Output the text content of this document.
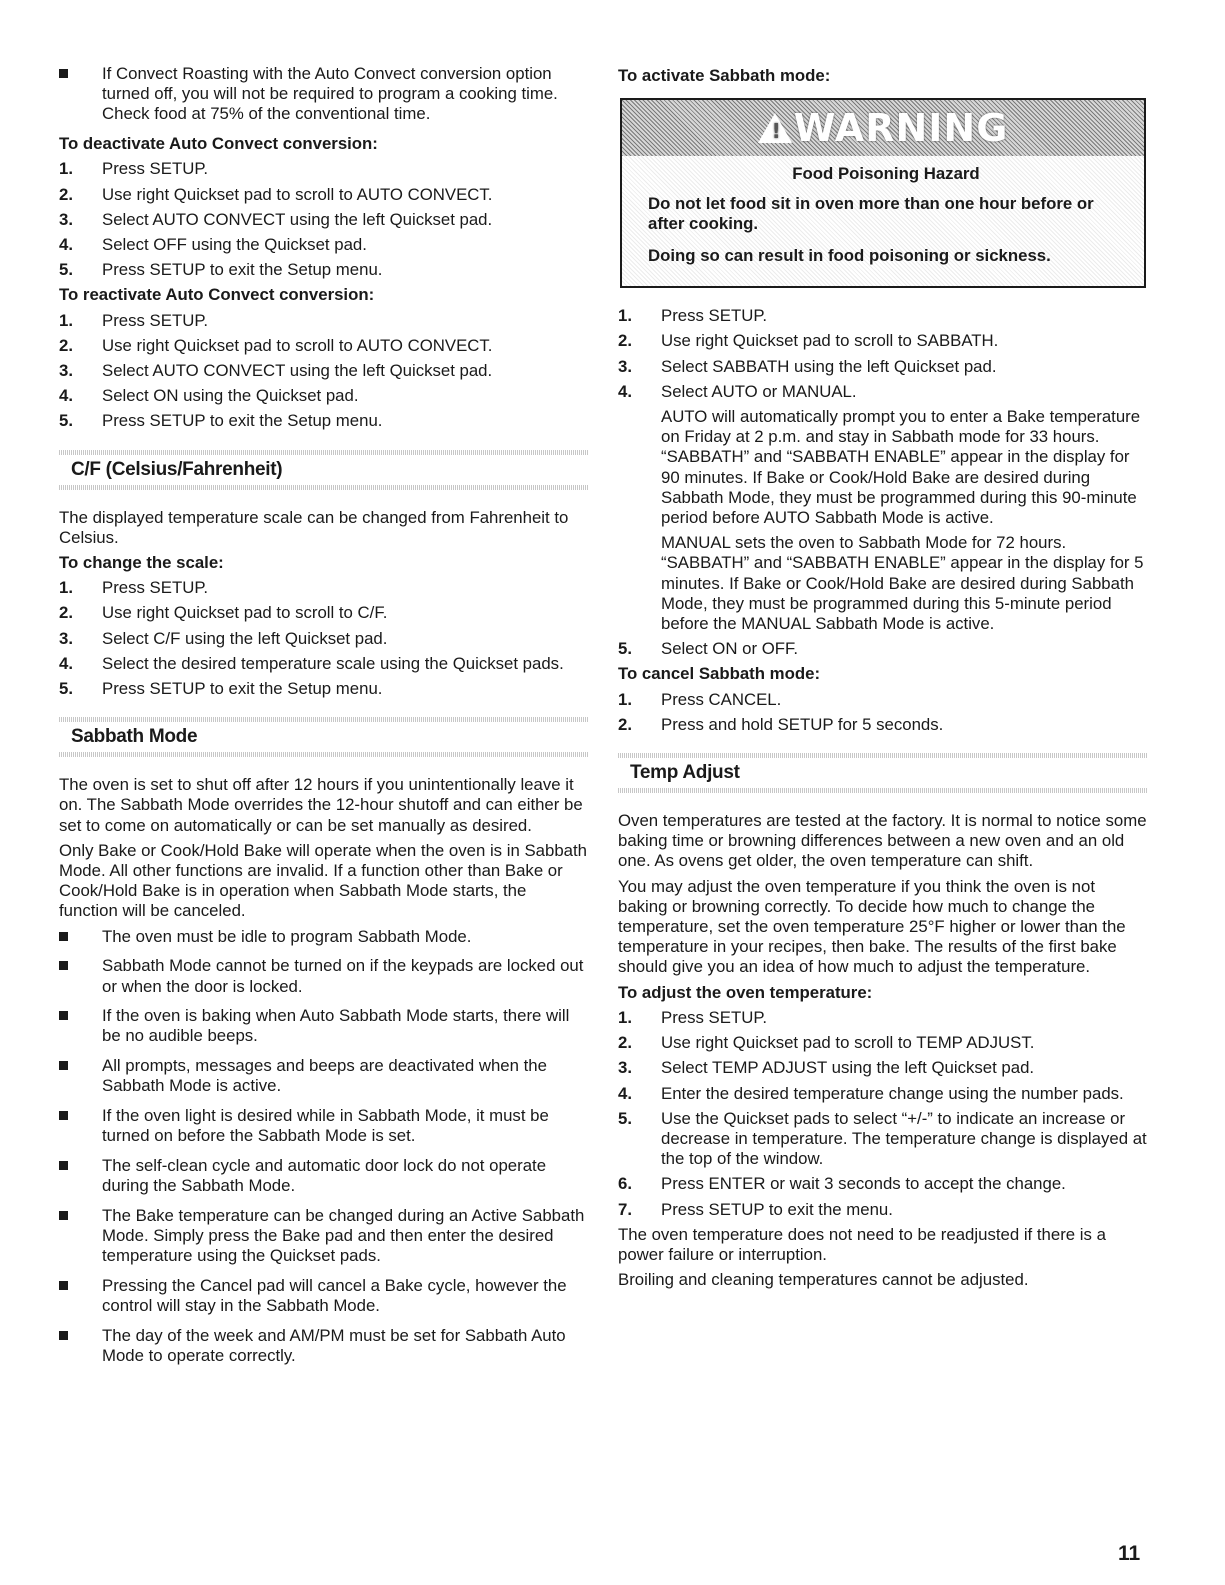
If Convect Roasting with the Auto Convect conversion option turned off, you will not be required to program a cooking time. Check food at 75% of the conventional time.
To deactivate Auto Convect conversion:
1. Press SETUP.
2. Use right Quickset pad to scroll to AUTO CONVECT.
3. Select AUTO CONVECT using the left Quickset pad.
4. Select OFF using the Quickset pad.
5. Press SETUP to exit the Setup menu.
To reactivate Auto Convect conversion:
1. Press SETUP.
2. Use right Quickset pad to scroll to AUTO CONVECT.
3. Select AUTO CONVECT using the left Quickset pad.
4. Select ON using the Quickset pad.
5. Press SETUP to exit the Setup menu.
C/F (Celsius/Fahrenheit)

The displayed temperature scale can be changed from Fahrenheit to Celsius.

To change the scale:
1. Press SETUP.
2. Use right Quickset pad to scroll to C/F.
3. Select C/F using the left Quickset pad.
4. Select the desired temperature scale using the Quickset pads.
5. Press SETUP to exit the Setup menu.
Sabbath Mode

The oven is set to shut off after 12 hours if you unintentionally leave it on. The Sabbath Mode overrides the 12-hour shutoff and can either be set to come on automatically or can be set manually as desired.

Only Bake or Cook/Hold Bake will operate when the oven is in Sabbath Mode. All other functions are invalid. If a function other than Bake or Cook/Hold Bake is in operation when Sabbath Mode starts, the function will be canceled.

The oven must be idle to program Sabbath Mode.
Sabbath Mode cannot be turned on if the keypads are locked out or when the door is locked.
If the oven is baking when Auto Sabbath Mode starts, there will be no audible beeps.
All prompts, messages and beeps are deactivated when the Sabbath Mode is active.
If the oven light is desired while in Sabbath Mode, it must be turned on before the Sabbath Mode is set.
The self-clean cycle and automatic door lock do not operate during the Sabbath Mode.
The Bake temperature can be changed during an Active Sabbath Mode. Simply press the Bake pad and then enter the desired temperature using the Quickset pads.
Pressing the Cancel pad will cancel a Bake cycle, however the control will stay in the Sabbath Mode.
The day of the week and AM/PM must be set for Sabbath Auto Mode to operate correctly.
To activate Sabbath mode:
!
WARNING
Food Poisoning Hazard
Do not let food sit in oven more than one hour before or after cooking.
Doing so can result in food poisoning or sickness.
1. Press SETUP.
2. Use right Quickset pad to scroll to SABBATH.
3. Select SABBATH using the left Quickset pad.
4. Select AUTO or MANUAL.
AUTO will automatically prompt you to enter a Bake temperature on Friday at 2 p.m. and stay in Sabbath mode for 33 hours. “SABBATH” and “SABBATH ENABLE” appear in the display for 90 minutes. If Bake or Cook/Hold Bake are desired during Sabbath Mode, they must be programmed during this 90-minute period before AUTO Sabbath Mode is active.
MANUAL sets the oven to Sabbath Mode for 72 hours. “SABBATH” and “SABBATH ENABLE” appear in the display for 5 minutes. If Bake or Cook/Hold Bake are desired during Sabbath Mode, they must be programmed during this 5-minute period before the MANUAL Sabbath Mode is active.
5. Select ON or OFF.
To cancel Sabbath mode:
1. Press CANCEL.
2. Press and hold SETUP for 5 seconds.
Temp Adjust

Oven temperatures are tested at the factory. It is normal to notice some baking time or browning differences between a new oven and an old one. As ovens get older, the oven temperature can shift.

You may adjust the oven temperature if you think the oven is not baking or browning correctly. To decide how much to change the temperature, set the oven temperature 25°F higher or lower than the temperature in your recipes, then bake. The results of the first bake should give you an idea of how much to adjust the temperature.

To adjust the oven temperature:
1. Press SETUP.
2. Use right Quickset pad to scroll to TEMP ADJUST.
3. Select TEMP ADJUST using the left Quickset pad.
4. Enter the desired temperature change using the number pads.
5. Use the Quickset pads to select “+/-” to indicate an increase or decrease in temperature. The temperature change is displayed at the top of the window.
6. Press ENTER or wait 3 seconds to accept the change.
7. Press SETUP to exit the menu.

The oven temperature does not need to be readjusted if there is a power failure or interruption.

Broiling and cleaning temperatures cannot be adjusted.

11
